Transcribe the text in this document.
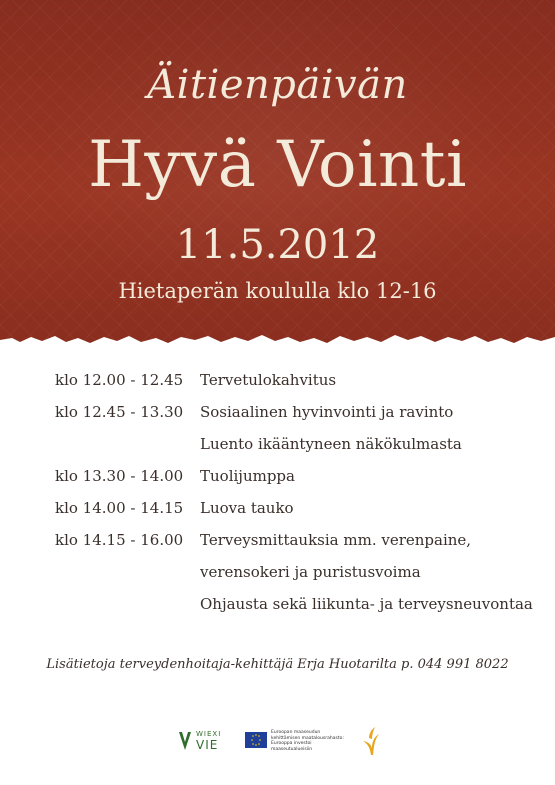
Äitienpäivän
Hyvä Vointi
11.5.2012
Hietaperän koululla klo 12-16
klo 12.00 - 12.45 Tervetulokahvitus
klo 12.45 - 13.30 Sosiaalinen hyvinvointi ja ravinto
Luento ikääntyneen näkökulmasta
klo 13.30 - 14.00 Tuolijumppa
klo 14.00 - 14.15 Luova tauko
klo 14.15 - 16.00 Terveysmittauksia mm. verenpaine,
verensokeri ja puristusvoima
Ohjausta sekä liikunta- ja terveysneuvontaa
Lisätietoja terveydenhoitaja-kehittäjä Erja Huotarilta p. 044 991 8022
WIEXI
VIE
Euroopan maaseudun
kehittämisen maatalousrahasto:
Eurooppa investoi maaseutualueisiin
